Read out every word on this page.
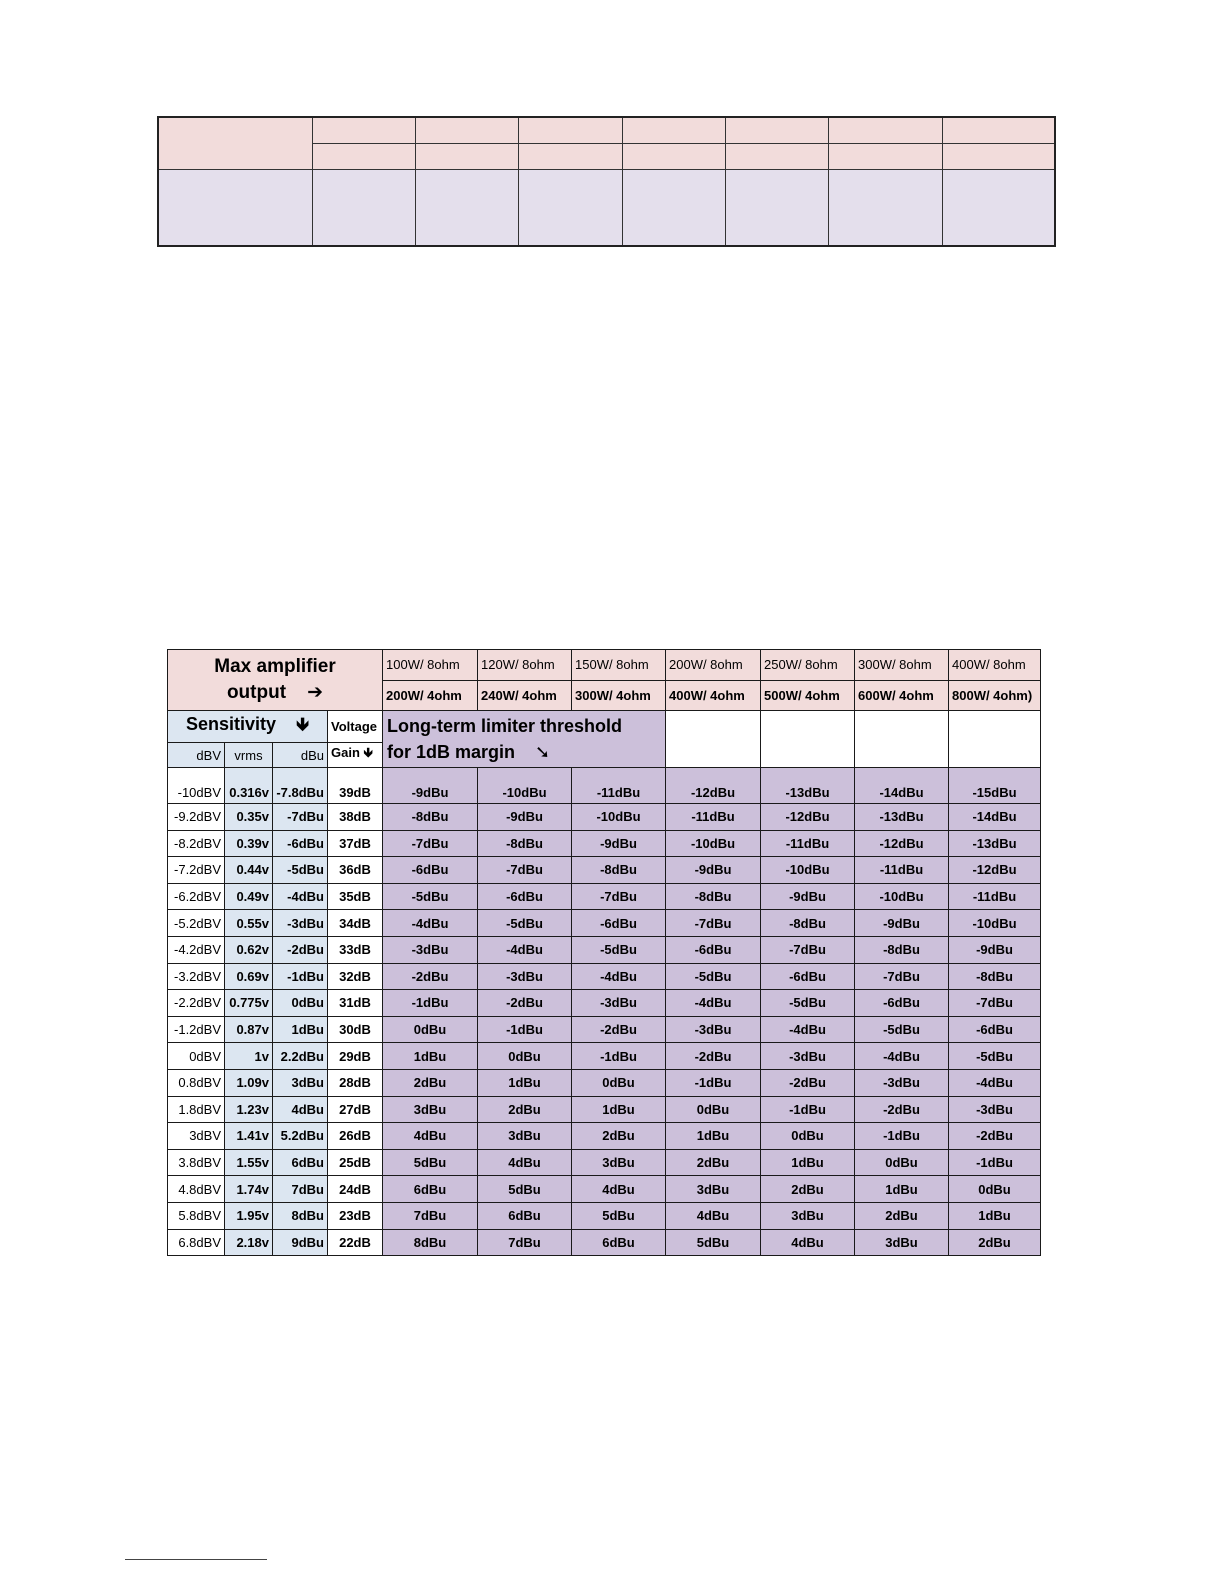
Max amplifier
output ➔				100W/ 8ohm	120W/ 8ohm	150W/ 8ohm	200W/ 8ohm	250W/ 8ohm	300W/ 8ohm	400W/ 8ohm
				200W/ 4ohm	240W/ 4ohm	300W/ 4ohm	400W/ 4ohm	500W/ 4ohm	600W/ 4ohm	800W/ 4ohm)
Sensitivity 🡻			Voltage	Long-term limiter threshold
for 1dB margin ➘						
dBV	vrms	dBu	Gain 🡻							
-10dBV	0.316v	-7.8dBu	39dB	-9dBu	-10dBu	-11dBu	-12dBu	-13dBu	-14dBu	-15dBu
-9.2dBV	0.35v	-7dBu	38dB	-8dBu	-9dBu	-10dBu	-11dBu	-12dBu	-13dBu	-14dBu
-8.2dBV	0.39v	-6dBu	37dB	-7dBu	-8dBu	-9dBu	-10dBu	-11dBu	-12dBu	-13dBu
-7.2dBV	0.44v	-5dBu	36dB	-6dBu	-7dBu	-8dBu	-9dBu	-10dBu	-11dBu	-12dBu
-6.2dBV	0.49v	-4dBu	35dB	-5dBu	-6dBu	-7dBu	-8dBu	-9dBu	-10dBu	-11dBu
-5.2dBV	0.55v	-3dBu	34dB	-4dBu	-5dBu	-6dBu	-7dBu	-8dBu	-9dBu	-10dBu
-4.2dBV	0.62v	-2dBu	33dB	-3dBu	-4dBu	-5dBu	-6dBu	-7dBu	-8dBu	-9dBu
-3.2dBV	0.69v	-1dBu	32dB	-2dBu	-3dBu	-4dBu	-5dBu	-6dBu	-7dBu	-8dBu
-2.2dBV	0.775v	0dBu	31dB	-1dBu	-2dBu	-3dBu	-4dBu	-5dBu	-6dBu	-7dBu
-1.2dBV	0.87v	1dBu	30dB	0dBu	-1dBu	-2dBu	-3dBu	-4dBu	-5dBu	-6dBu
0dBV	1v	2.2dBu	29dB	1dBu	0dBu	-1dBu	-2dBu	-3dBu	-4dBu	-5dBu
0.8dBV	1.09v	3dBu	28dB	2dBu	1dBu	0dBu	-1dBu	-2dBu	-3dBu	-4dBu
1.8dBV	1.23v	4dBu	27dB	3dBu	2dBu	1dBu	0dBu	-1dBu	-2dBu	-3dBu
3dBV	1.41v	5.2dBu	26dB	4dBu	3dBu	2dBu	1dBu	0dBu	-1dBu	-2dBu
3.8dBV	1.55v	6dBu	25dB	5dBu	4dBu	3dBu	2dBu	1dBu	0dBu	-1dBu
4.8dBV	1.74v	7dBu	24dB	6dBu	5dBu	4dBu	3dBu	2dBu	1dBu	0dBu
5.8dBV	1.95v	8dBu	23dB	7dBu	6dBu	5dBu	4dBu	3dBu	2dBu	1dBu
6.8dBV	2.18v	9dBu	22dB	8dBu	7dBu	6dBu	5dBu	4dBu	3dBu	2dBu
